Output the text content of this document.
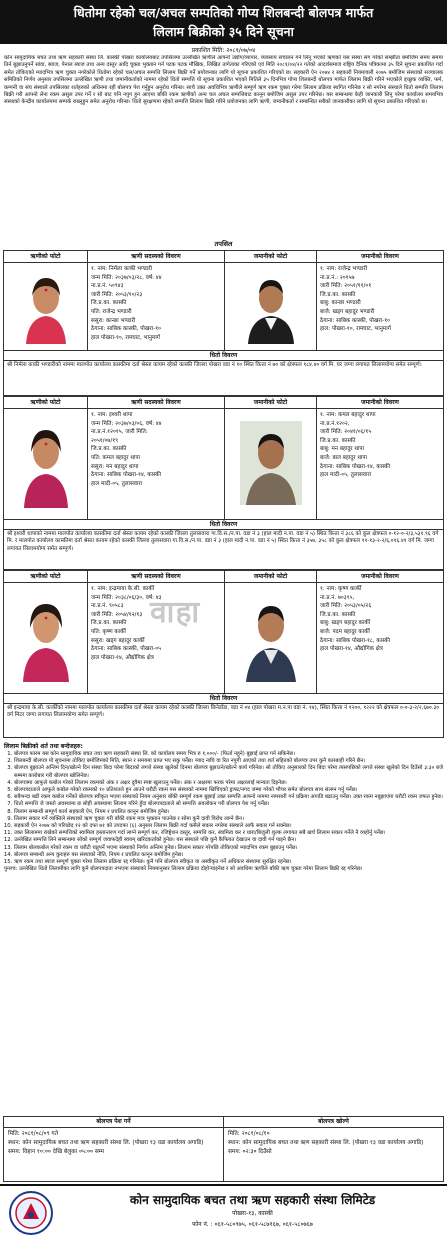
धितोमा रहेको चल/अचल सम्पतिको गोप्य शिलबन्दी बोलपत्र मार्फत
लिलाम बिक्रीको ३५ दिने सूचना
प्रकाशित मिति: २०८१/०७/०४
कोन सामुदायिक बचत तथा ऋण सहकारी संस्था लि. कास्की पोखरा कार्यालयबाट तपसिलमा उल्लेखित ऋणीले आफ्नो उद्योग/व्यापार, व्यवसाय संचालन गर्न लिनु भएको ऋणको यस संस्था संग गरेको सम्झौता बमोजिम समय सममा तिर्न बुझाउनुपर्ने सांवा, ब्याज, पेनाल ब्याज तथा अन्य दस्तुर आदि चुक्ता भुक्तान गर्न पटक पटक मौखिक, लिखित तागेताका गरिएको एवं मिति २०८१/०४/२२ गतेको आदर्शसमाज राष्ट्रिय दैनिक पत्रिकामा ३५ दिने सूचना प्रकाशित गर्दा समेत तोकिएको म्यादभित्र ऋण चुक्ता नगरेकोले धितोमा रहेको चल/अचल सम्पत्ति लिलाम बिक्री गर्ने प्रयोजनका लागि यो सूचना प्रकाशित गरिएको छ। सहकारी ऐन २०७४ र सहकारी नियमावली २०७५ बमोजिम संस्थाको सञ्चालक समितिको निर्णय अनुसार तपसिलमा उल्लेखित ऋणी तथा जमानीकर्ताको नाममा रहेको धितो सम्पत्ति यो सूचना प्रकाशित भएको मितिले ३५ दिनभित्र गोप्य शिलबन्दी बोलपत्र मार्फत लिलाम बिक्री गरिने भएकोले इच्छुक व्यक्ति, फर्म, कम्पनी वा संघ संस्थाले तपसिलका शर्तहरुको अधिनमा रही बोलपत्र पेश गर्नुहुन अनुरोध गरिन्छ। साथै उक्त अवधिभित्र ऋणीले सम्पूर्ण ऋण रकम चुक्ता गरेमा लिलाम प्रक्रिया स्थगित गरिनेछ र सो नगरेमा संस्थाले धितो सम्पत्ति लिलाम बिक्री गरी आफ्नो लेना रकम असुल उपर गर्ने र सो बाट पनि नपुग हुन आएमा बाँकी रकम ऋणीको अन्य चल अचल सम्पत्तिबाट कानून बमोजिम असुल उपर गरिनेछ। यस सम्बन्धमा केही जानकारी लिनु परेमा कार्यालय समयभित्र संस्थाको केन्द्रीय कार्यालयमा सम्पर्क राख्नुहुन समेत अनुरोध गरिन्छ। धितो सुरक्षणमा रहेको सम्पत्ति लिलाम बिक्री गरिने प्रयोजनका लागि ऋणी, जमानीकर्ता र सम्बन्धित सबैको जानकारीका लागि यो सूचना प्रकाशित गरिएको छ।
तपसिल
ऋणीको फोटो	ऋणी सदस्यको विवरण
१. नाम: निर्मला काकी भण्डारी
जन्म मिति: २०३७/०३/२८, वर्ष: ४४
ना.प्र.नं. ५०९४३
जारी मिति: २०५३/१०/२३
जि.प्र.का. कास्की
पति: राजेन्द्र भण्डारी
ससुरा: कान्छा भण्डारी
ठेगाना: साबिक कास्की, पोखरा-१०
हाल पोखरा-१०, रामघाट, भानुमार्ग
जमानीको फोटो	जमानीको विवरण
१. नाम: राजेन्द्र भण्डारी
ना.प्र.नं.: २०१५७
जारी मिति: २०५१/११/०१
जि.प्र.का. कास्की
बाबु: कान्छा भण्डारी
बाजे: खड्ग बहादुर भण्डारी
ठेगाना: साबिक कास्की, पोखरा-१०
हाल: पोखरा-१०, रामघाट, भानुमार्ग
धितो विवरण
श्री निर्मला काकी भण्डारीको नाममा मालपोत कार्यालय कास्कीमा दर्ता श्रेस्ता कायम रहेको कास्की जिल्ला पोखरा वडा नं १० स्थित कित्ता नं ७० को क्षेत्रफल १८४.४० वर्ग मि. घर जग्गा लगायत लिलामयोग्य समेत सम्पूर्ण।
ऋणीको फोटो	ऋणी सदस्यको विवरण
१. नाम: इश्वरी थापा
जन्म मिति: २०३७/०३/०६, वर्ष: ४४
ना.प्र.नं.१२०१५, जारी मिति:
२०५१/०७/१९
जि.प्र.का. कास्की
पति: कमल बहादुर थापा
ससुरा: मन बहादुर थापा
ठेगाना: साबिक पोखरा-१४, कास्की
हाल मादी-०५, तुलासवारा
जमानीको फोटो	जमानीको विवरण
१. नाम: कमल बहादुर थापा
ना.प्र.नं.१२०२,
जारी मिति: २०४१/०६/१५
जि.प्र.का. कास्की
बाबु: मन बहादुर थापा
बाजे: बाल बहादुर थापा
ठेगाना: साबिक पोखरा-१४, कास्की
हाल मादी-०५, तुलासवारा
धितो विवरण
श्री इश्वरी थापाको नाममा मालपोत कार्यालय कास्कीमा दर्ता श्रेस्ता कायम रहेको कास्की जिल्ला तुलासवारा गा.वि.स./न.पा. वडा नं ३ (हाल मादी न.पा. वडा नं ५) स्थित कित्ता नं ३८६ को कुल क्षेत्रफल ०-१२-०-२/३,५३१.९६ वर्ग मि. र मालपोत कार्यालय कास्कीमा दर्ता श्रेस्ता कायम रहेको कास्की जिल्ला तुलासवारा गा.वि.स./न.पा. वडा नं ३ (हाल मादी न.पा. वडा नं ५) स्थित कित्ता नं ३५७, ३५८ को कुल क्षेत्रफल ११-१३-२-२/६,०१६.४१ वर्ग मि. जग्गा लगायत लिलामयोग्य समेत सम्पूर्ण।
ऋणीको फोटो	ऋणी सदस्यको विवरण
१. नाम: इन्द्रमाया के.सी. कार्की
जन्म मिति: २०३८/०६/३०, वर्ष: ४३
ना.प्र.नं. ९०५८३
जारी मिति: २०५४/१२/१३
जि.प्र.का. कास्की
पति: कृष्ण कार्की
ससुरा: खड्ग बहादुर कार्की
ठेगाना: साबिक कास्की, पोखरा-०५
हाल पोखरा-१४, औद्योगिक क्षेत्र
जमानीको फोटो	जमानीको विवरण
१. नाम: कृष्ण कार्की
ना.प्र.नं. ७०३९५,
जारी मिति: २०५३/०५/२६
जि.प्र.का. कास्की
बाबु: खड्ग बहादुर कार्की
बाजे: पदम बहादुर कार्की
ठेगाना: साबिक पोखरा-१८, कास्की
हाल पोखरा-१४, औद्योगिक क्षेत्र
धितो विवरण
श्री इन्द्रमाया के.सी. कार्कीको नाममा मालपोत कार्यालय कास्कीमा दर्ता श्रेस्ता कायम रहेको कास्की जिल्ला छिनेडाँडा, वडा नं ०४ (हाल पोखरा म.न.पा वडा नं. १४), स्थित कित्ता नं १२००, १२२२ को क्षेत्रफल ०-०-३-२/२,६७०.३० वर्ग मिटर जग्गा लगायत लिलामयोग्य समेत सम्पूर्ण।
वाहा
लिलाम बिक्रीको शर्त तथा बन्देजहरु:
1. बोलपत्र फारम यस कोन सामुदायिक बचत तथा ऋण सहकारी संस्था लि. को कार्यालय समय भित्र रु १,०००/- (फिर्ता नहुने) बुझाई प्राप्त गर्न सकिनेछ।
2. शिलबन्दी बोलपत्र यो सूचनामा तोकिए बमोजिमको मिति, स्थान र समयमा प्राप्त भए सकु पर्नेछ। म्याद नाघि वा रित नपुगी आएको तथा शर्त सहितको बोलपत्र उपर कुनै कारबाही गरिने छैन।
3. बोलपत्र बुझाउने अन्तिम दिन/खोल्ने दिन संस्था बिदा परेमा बिदाको लगत्ते संस्था खुलेको दिनमा बोलपत्र बुझाउने/खोल्ने कार्य गरिनेछ। सो तोकिए अनुसारको दिन बिदा परेमा त्यसपछिको लगत्ते संस्था खुलेको दिन दिउँसो ३:३० बजे सम्ममा कारोबार गरी बोलपत्र खोलिनेछ।
4. बोलपत्रमा आफुले कबोल गरेको लिलाम रकमको अंक र अक्षर दुवैमा स्पष्ट खुलाउनु पर्नेछ। अंक र अक्षरमा फरक परेमा अक्षरलाई मान्यता दिइनेछ।
5. बोलपत्रदाताले आफुले कबोल गरेको रकमको १० प्रतिशतले हुन आउने धरौटी रकम यस संस्थाको नाममा खिचिएको ड्राफ्ट/नगद जम्मा गरेको भौचर समेत बोलपत्र साथ संलग्न गर्नु पर्नेछ।
6. सबैभन्दा बढी रकम कबोल गर्नेको बोलपत्र स्वीकृत भएमा संस्थाको नियम अनुसार बाँकी सम्पूर्ण रकम बुझाई उक्त सम्पत्ति आफ्नो नाममा नामसारी गर्न प्रक्रिया अगाडि बढाउनु पर्नेछ। उक्त रकम नबुझाएमा धरौटी रकम जफत हुनेछ।
7. धितो सम्पत्ति जे जस्तो अवस्थामा छ सोही अवस्थामा लिलाम गरिने हुँदा बोलपत्रदाताले सो सम्पत्ति अवलोकन गरी बोलपत्र पेश गर्नु पर्नेछ।
8. लिलाम सम्बन्धी सम्पूर्ण कार्य सहकारी ऐन, नियम र प्रचलित कानून बमोजिम हुनेछ।
9. लिलाम सकार गर्ने व्यक्तिले संस्थाको ऋण चुक्ता गरी बाँकी रकम मात्र भुक्तान पाउनेछ र सोमा कुनै दावी विरोध लाग्ने छैन।
10. सहकारी ऐन २०७४ को परिच्छेद १२ को दफा ७१ को उपदफा (६) अनुसार लिलाम बिक्री गर्दा कसैले सकार नगरेमा संस्थाले आफै सकार गर्न सक्नेछ।
11. उक्त लिलाममा राखेको सम्पत्तिको स्वामित्व हस्तान्तरण गर्दा लाग्ने सम्पूर्ण कर, रजिष्ट्रेशन दस्तुर, सम्पत्ति कर, स्वामित्व कर र धारा/बिजुली शुल्क लगायत सबै खर्च लिलाम सकार गर्नेले नै व्यहोर्नु पर्नेछ।
12. उल्लेखित सम्पत्ति लिने सम्बन्धमा सोको सम्पूर्ण जवाफदेही स्वयम् खरिदकर्ताको हुनेछ। यस संस्थाले पछि कुनै कैफियत देखाउन वा दावी गर्न पाइने छैन।
13. लिलाम बोलकबोल गरेको रकम वा धरौटी थप्नुपर्ने भएमा संस्थाको निर्णय अन्तिम हुनेछ। लिलाम सकार गरेपछि तोकिएको म्यादभित्र रकम बुझाउनु पर्नेछ।
14. बोलपत्र सम्बन्धी अन्य कुराहरु यस संस्थाको नीति, नियम र प्रचलित कानून बमोजिम हुनेछ।
15. ऋण रकम तथा ब्याज सम्पूर्ण चुक्ता गरेमा लिलाम प्रक्रिया रद्द गरिनेछ। कुनै पनि बोलपत्र स्वीकृत वा अस्वीकृत गर्ने अधिकार संस्थामा सुरक्षित रहनेछ।
पुनश्च: उल्लेखित धितो लिलामीका लागि कुनै बोलपत्रदाता नभएमा संस्थाको नियमानुसार लिलाम प्रक्रिया दोहोर्‍याइनेछ र सो अवधिमा ऋणीले बाँकी ऋण चुक्ता गरेमा लिलाम बिक्री रद्द गरिनेछ।
बोलपत्र पेश गर्ने
मिति: २०८१/०८/०९ गते
स्थान: कोन सामुदायिक बचत तथा ऋण सहकारी संस्था लि. (पोखरा १३ वडा कार्यालय अगाडि)
समय: विहान १०:०० देखि बेलुका ०५:०० सम्म
बोलपत्र खोल्ने
मिति: २०८१/०८/१०
स्थान: कोन सामुदायिक बचत तथा ऋण सहकारी संस्था लि. (पोखरा १३ वडा कार्यालय अगाडि)
समय: ०२:३० दिउँसो
कोन सामुदायिक बचत तथा ऋण सहकारी संस्था लिमिटेड
पोखरा-१३, कास्की
फोन नं. : ०६१-५८०९७५, ०६१-५८७१६७, ०६१-५८०७६७
